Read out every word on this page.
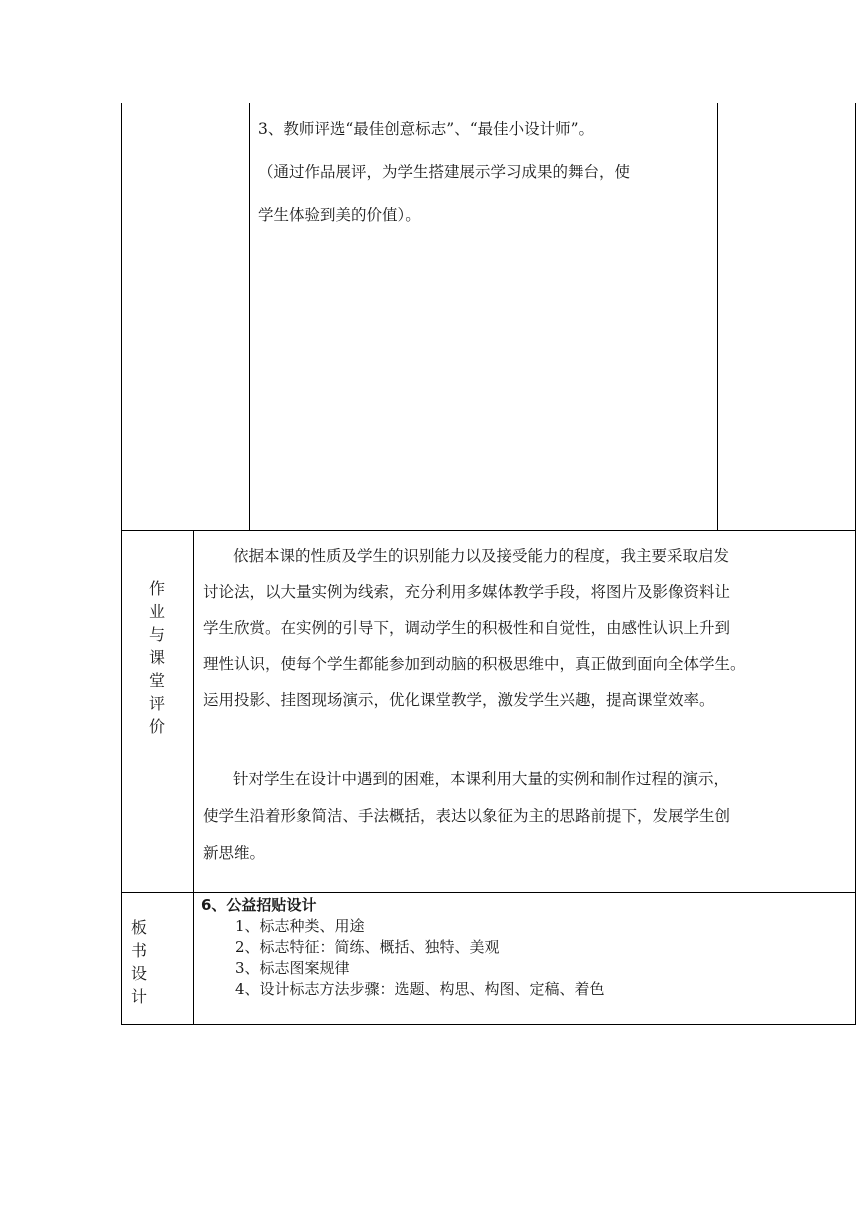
3、教师评选“最佳创意标志”、“最佳小设计师”。

（通过作品展评，为学生搭建展示学习成果的舞台，使

学生体验到美的价值）。

作
业
与
课
堂
评
价

依据本课的性质及学生的识别能力以及接受能力的程度，我主要采取启发

讨论法，以大量实例为线索，充分利用多媒体教学手段，将图片及影像资料让

学生欣赏。在实例的引导下，调动学生的积极性和自觉性，由感性认识上升到

理性认识，使每个学生都能参加到动脑的积极思维中，真正做到面向全体学生。

运用投影、挂图现场演示，优化课堂教学，激发学生兴趣，提高课堂效率。

针对学生在设计中遇到的困难，本课利用大量的实例和制作过程的演示，

使学生沿着形象简洁、手法概括，表达以象征为主的思路前提下，发展学生创

新思维。

板
书
设
计
6、公益招贴设计
1、标志种类、用途
2、标志特征：简练、概括、独特、美观
3、标志图案规律
4、设计标志方法步骤：选题、构思、构图、定稿、着色
